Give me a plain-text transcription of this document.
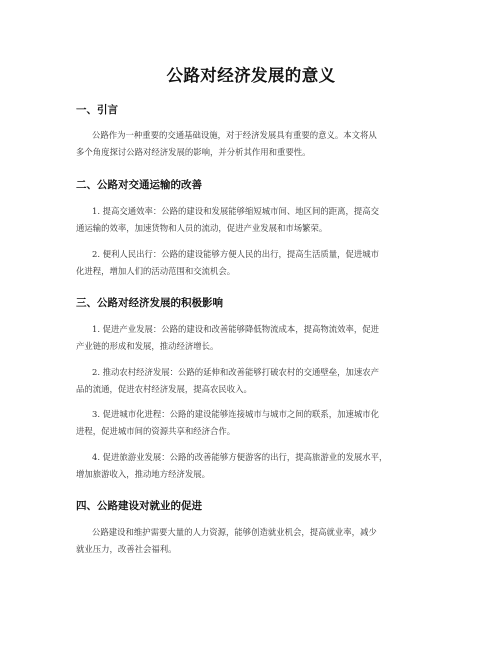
公路对经济发展的意义
一、引言
公路作为一种重要的交通基础设施，对于经济发展具有重要的意义。本文将从
多个角度探讨公路对经济发展的影响，并分析其作用和重要性。
二、公路对交通运输的改善
1. 提高交通效率：公路的建设和发展能够缩短城市间、地区间的距离，提高交
通运输的效率，加速货物和人员的流动，促进产业发展和市场繁荣。
2. 便利人民出行：公路的建设能够方便人民的出行，提高生活质量，促进城市
化进程，增加人们的活动范围和交流机会。
三、公路对经济发展的积极影响
1. 促进产业发展：公路的建设和改善能够降低物流成本，提高物流效率，促进
产业链的形成和发展，推动经济增长。
2. 推动农村经济发展：公路的延伸和改善能够打破农村的交通壁垒，加速农产
品的流通，促进农村经济发展，提高农民收入。
3. 促进城市化进程：公路的建设能够连接城市与城市之间的联系，加速城市化
进程，促进城市间的资源共享和经济合作。
4. 促进旅游业发展：公路的改善能够方便游客的出行，提高旅游业的发展水平，
增加旅游收入，推动地方经济发展。
四、公路建设对就业的促进
公路建设和维护需要大量的人力资源，能够创造就业机会，提高就业率，减少
就业压力，改善社会福利。
